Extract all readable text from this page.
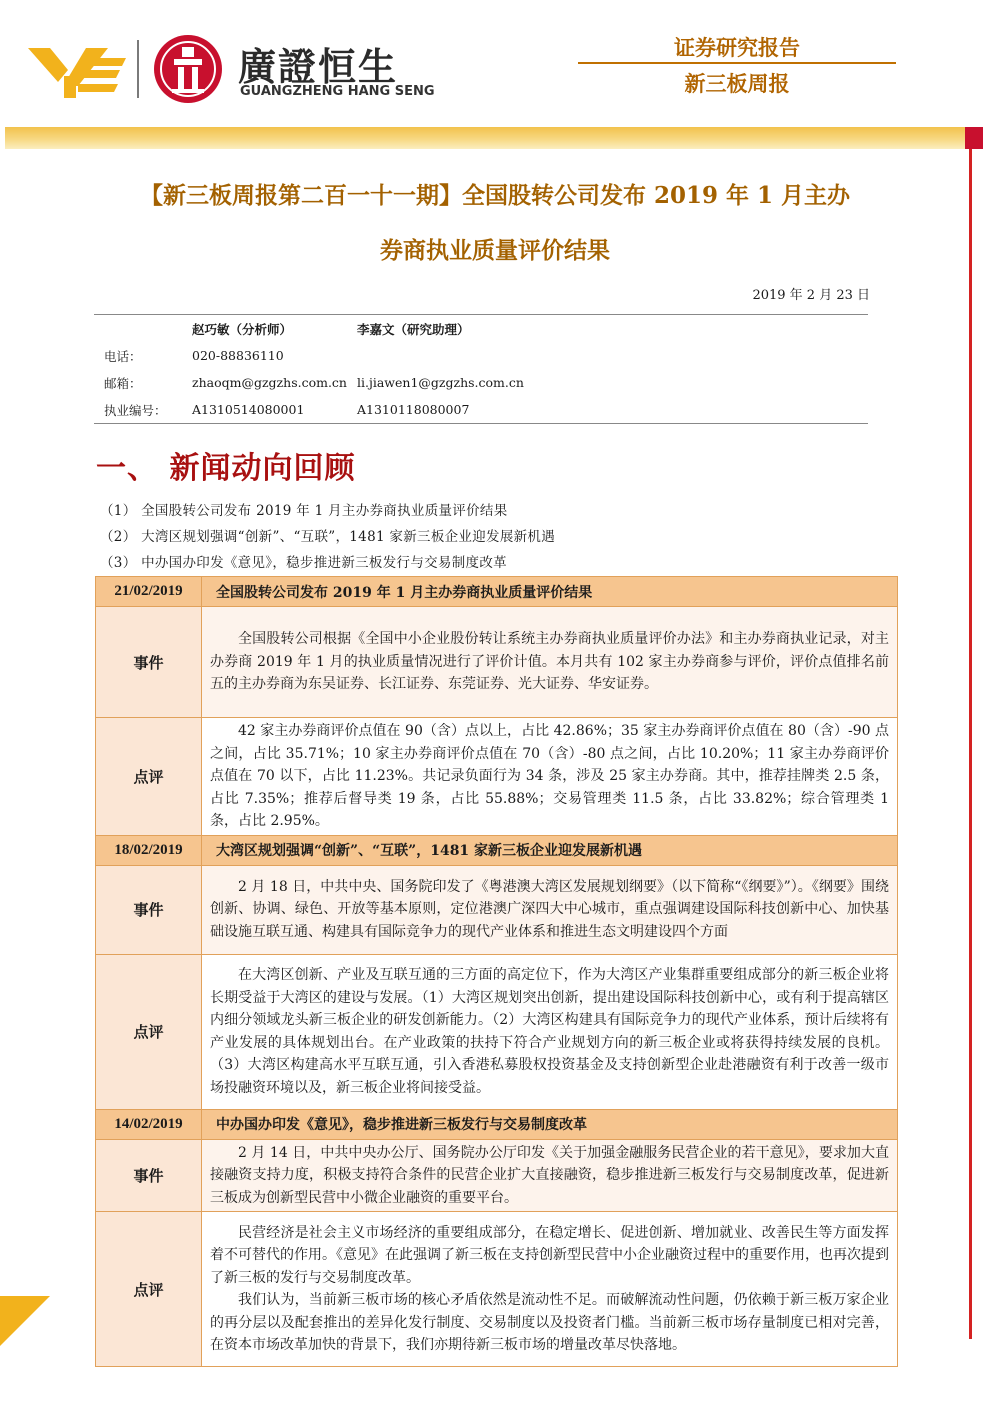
廣證恒生
GUANGZHENG HANG SENG
证券研究报告
新三板周报
【新三板周报第二百一十一期】全国股转公司发布 2019 年 1 月主办
券商执业质量评价结果
2019 年 2 月 23 日
	赵巧敏（分析师）	李嘉文（研究助理）
电话：	020-88836110	
邮箱：	zhaoqm@gzgzhs.com.cn	li.jiawen1@gzgzhs.com.cn
执业编号：	A1310514080001	A1310118080007
一、 新闻动向回顾
（1） 全国股转公司发布 2019 年 1 月主办券商执业质量评价结果
（2） 大湾区规划强调“创新”、“互联”，1481 家新三板企业迎发展新机遇
（3） 中办国办印发《意见》，稳步推进新三板发行与交易制度改革
21/02/2019	全国股转公司发布 2019 年 1 月主办券商执业质量评价结果
事件	全国股转公司根据《全国中小企业股份转让系统主办券商执业质量评价办法》和主办券商执业记录，对主办券商 2019 年 1 月的执业质量情况进行了评价计值。本月共有 102 家主办券商参与评价，评价点值排名前五的主办券商为东吴证券、长江证券、东莞证券、光大证券、华安证券。

点评	42 家主办券商评价点值在 90（含）点以上，占比 42.86%；35 家主办券商评价点值在 80（含）-90 点之间，占比 35.71%；10 家主办券商评价点值在 70（含）-80 点之间，占比 10.20%；11 家主办券商评价点值在 70 以下，占比 11.23%。共记录负面行为 34 条，涉及 25 家主办券商。其中，推荐挂牌类 2.5 条，占比 7.35%；推荐后督导类 19 条，占比 55.88%；交易管理类 11.5 条，占比 33.82%；综合管理类 1 条，占比 2.95%。

18/02/2019	大湾区规划强调“创新”、“互联”，1481 家新三板企业迎发展新机遇
事件	2 月 18 日，中共中央、国务院印发了《粤港澳大湾区发展规划纲要》（以下简称“《纲要》”）。《纲要》围绕创新、协调、绿色、开放等基本原则，定位港澳广深四大中心城市，重点强调建设国际科技创新中心、加快基础设施互联互通、构建具有国际竞争力的现代产业体系和推进生态文明建设四个方面

点评	在大湾区创新、产业及互联互通的三方面的高定位下，作为大湾区产业集群重要组成部分的新三板企业将长期受益于大湾区的建设与发展。（1）大湾区规划突出创新，提出建设国际科技创新中心，或有利于提高辖区内细分领域龙头新三板企业的研发创新能力。（2）大湾区构建具有国际竞争力的现代产业体系，预计后续将有产业发展的具体规划出台。在产业政策的扶持下符合产业规划方向的新三板企业或将获得持续发展的良机。（3）大湾区构建高水平互联互通，引入香港私募股权投资基金及支持创新型企业赴港融资有利于改善一级市场投融资环境以及，新三板企业将间接受益。

14/02/2019	中办国办印发《意见》，稳步推进新三板发行与交易制度改革
事件	2 月 14 日，中共中央办公厅、国务院办公厅印发《关于加强金融服务民营企业的若干意见》，要求加大直接融资支持力度，积极支持符合条件的民营企业扩大直接融资，稳步推进新三板发行与交易制度改革，促进新三板成为创新型民营中小微企业融资的重要平台。

点评	民营经济是社会主义市场经济的重要组成部分，在稳定增长、促进创新、增加就业、改善民生等方面发挥着不可替代的作用。《意见》在此强调了新三板在支持创新型民营中小企业融资过程中的重要作用，也再次提到了新三板的发行与交易制度改革。

我们认为，当前新三板市场的核心矛盾依然是流动性不足。而破解流动性问题，仍依赖于新三板万家企业的再分层以及配套推出的差异化发行制度、交易制度以及投资者门槛。当前新三板市场存量制度已相对完善，在资本市场改革加快的背景下，我们亦期待新三板市场的增量改革尽快落地。
